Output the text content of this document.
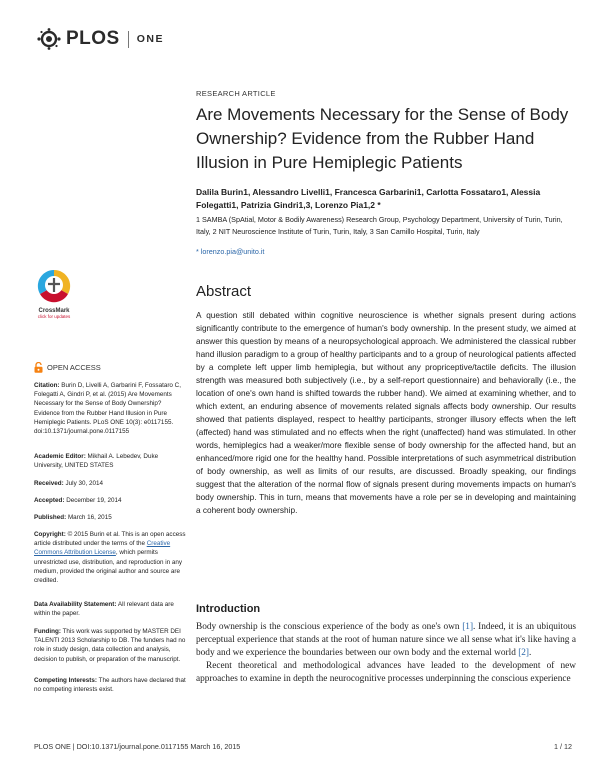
PLOS ONE
RESEARCH ARTICLE
Are Movements Necessary for the Sense of Body Ownership? Evidence from the Rubber Hand Illusion in Pure Hemiplegic Patients
Dalila Burin1, Alessandro Livelli1, Francesca Garbarini1, Carlotta Fossataro1, Alessia Folegatti1, Patrizia Gindri1,3, Lorenzo Pia1,2 *
1 SAMBA (SpAtial, Motor & Bodily Awareness) Research Group, Psychology Department, University of Turin, Turin, Italy, 2 NIT Neuroscience Institute of Turin, Turin, Italy, 3 San Camillo Hospital, Turin, Italy
* lorenzo.pia@unito.it
Abstract
A question still debated within cognitive neuroscience is whether signals present during actions significantly contribute to the emergence of human's body ownership. In the present study, we aimed at answer this question by means of a neuropsychological approach. We administered the classical rubber hand illusion paradigm to a group of healthy participants and to a group of neurological patients affected by a complete left upper limb hemiplegia, but without any propriceptive/tactile deficits. The illusion strength was measured both subjectively (i.e., by a self-report questionnaire) and behaviorally (i.e., the location of one's own hand is shifted towards the rubber hand). We aimed at examining whether, and to which extent, an enduring absence of movements related signals affects body ownership. Our results showed that patients displayed, respect to healthy participants, stronger illusory effects when the left (affected) hand was stimulated and no effects when the right (unaffected) hand was stimulated. In other words, hemiplegics had a weaker/more flexible sense of body ownership for the affected hand, but an enhanced/more rigid one for the healthy hand. Possible interpretations of such asymmetrical distribution of body ownership, as well as limits of our results, are discussed. Broadly speaking, our findings suggest that the alteration of the normal flow of signals present during movements impacts on human's body ownership. This in turn, means that movements have a role per se in developing and maintaining a coherent body ownership.
CrossMark
click for updates
OPEN ACCESS
Citation: Burin D, Livelli A, Garbarini F, Fossataro C, Folegatti A, Gindri P, et al. (2015) Are Movements Necessary for the Sense of Body Ownership? Evidence from the Rubber Hand Illusion in Pure Hemiplegic Patients. PLoS ONE 10(3): e0117155. doi:10.1371/journal.pone.0117155
Academic Editor: Mikhail A. Lebedev, Duke University, UNITED STATES
Received: July 30, 2014
Accepted: December 19, 2014
Published: March 16, 2015
Copyright: © 2015 Burin et al. This is an open access article distributed under the terms of the Creative Commons Attribution License, which permits unrestricted use, distribution, and reproduction in any medium, provided the original author and source are credited.
Data Availability Statement: All relevant data are within the paper.
Funding: This work was supported by MASTER DEI TALENTI 2013 Scholarship to DB. The funders had no role in study design, data collection and analysis, decision to publish, or preparation of the manuscript.
Competing Interests: The authors have declared that no competing interests exist.
Introduction

Body ownership is the conscious experience of the body as one's own [1]. Indeed, it is an ubiquitous perceptual experience that stands at the root of human nature since we all sense what it's like having a body and we experience the boundaries between our own body and the external world [2].

Recent theoretical and methodological advances have leaded to the development of new approaches to examine in depth the neurocognitive processes underpinning the conscious experience

PLOS ONE | DOI:10.1371/journal.pone.0117155 March 16, 2015	1 / 12
